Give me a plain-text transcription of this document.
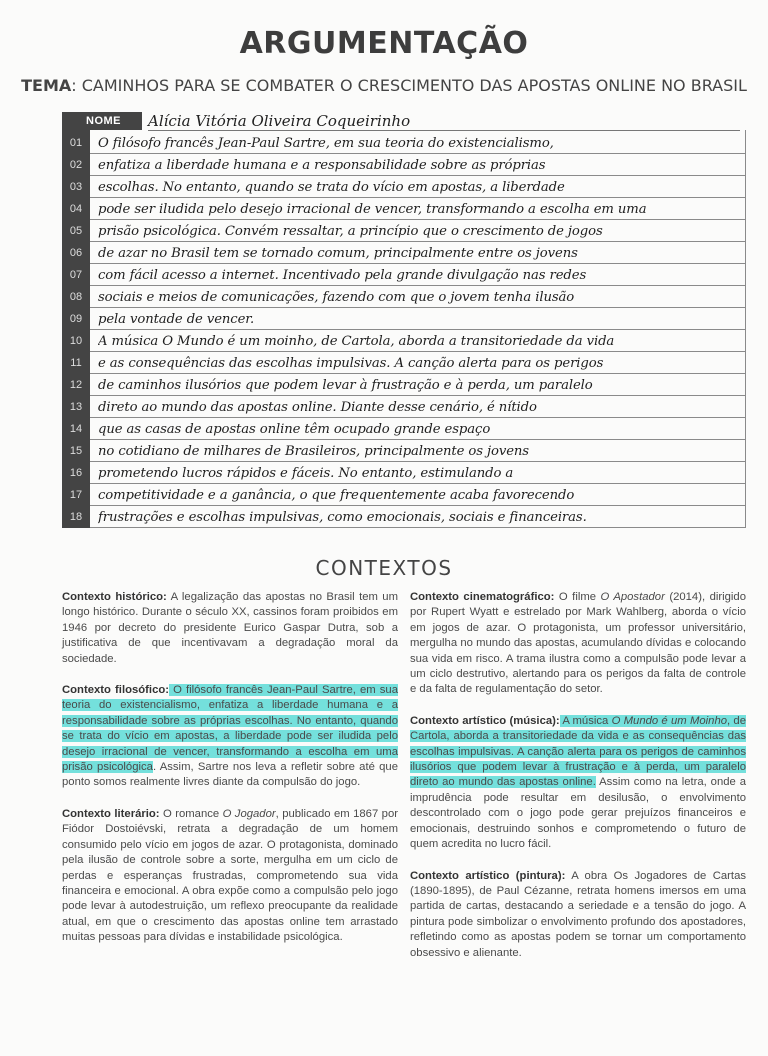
ARGUMENTAÇÃO
TEMA: CAMINHOS PARA SE COMBATER O CRESCIMENTO DAS APOSTAS ONLINE NO BRASIL
NOME	Alícia Vitória Oliveira Coqueirinho
01	O filósofo francês Jean-Paul Sartre, em sua teoria do existencialismo,
02	enfatiza a liberdade humana e a responsabilidade sobre as próprias
03	escolhas. No entanto, quando se trata do vício em apostas, a liberdade
04	pode ser iludida pelo desejo irracional de vencer, transformando a escolha em uma
05	prisão psicológica. Convém ressaltar, a princípio que o crescimento de jogos
06	de azar no Brasil tem se tornado comum, principalmente entre os jovens
07	com fácil acesso a internet. Incentivado pela grande divulgação nas redes
08	sociais e meios de comunicações, fazendo com que o jovem tenha ilusão
09	pela vontade de vencer.
10	A música O Mundo é um moinho, de Cartola, aborda a transitoriedade da vida
11	e as consequências das escolhas impulsivas. A canção alerta para os perigos
12	de caminhos ilusórios que podem levar à frustração e à perda, um paralelo
13	direto ao mundo das apostas online. Diante desse cenário, é nítido
14	que as casas de apostas online têm ocupado grande espaço
15	no cotidiano de milhares de Brasileiros, principalmente os jovens
16	prometendo lucros rápidos e fáceis. No entanto, estimulando a
17	competitividade e a ganância, o que frequentemente acaba favorecendo
18	frustrações e escolhas impulsivas, como emocionais, sociais e financeiras.
CONTEXTOS

Contexto histórico: A legalização das apostas no Brasil tem um longo histórico. Durante o século XX, cassinos foram proibidos em 1946 por decreto do presidente Eurico Gaspar Dutra, sob a justificativa de que incentivavam a degradação moral da sociedade.

Contexto filosófico: O filósofo francês Jean-Paul Sartre, em sua teoria do existencialismo, enfatiza a liberdade humana e a responsabilidade sobre as próprias escolhas. No entanto, quando se trata do vício em apostas, a liberdade pode ser iludida pelo desejo irracional de vencer, transformando a escolha em uma prisão psicológica. Assim, Sartre nos leva a refletir sobre até que ponto somos realmente livres diante da compulsão do jogo.

Contexto literário: O romance O Jogador, publicado em 1867 por Fiódor Dostoiévski, retrata a degradação de um homem consumido pelo vício em jogos de azar. O protagonista, dominado pela ilusão de controle sobre a sorte, mergulha em um ciclo de perdas e esperanças frustradas, comprometendo sua vida financeira e emocional. A obra expõe como a compulsão pelo jogo pode levar à autodestruição, um reflexo preocupante da realidade atual, em que o crescimento das apostas online tem arrastado muitas pessoas para dívidas e instabilidade psicológica.

Contexto cinematográfico: O filme O Apostador (2014), dirigido por Rupert Wyatt e estrelado por Mark Wahlberg, aborda o vício em jogos de azar. O protagonista, um professor universitário, mergulha no mundo das apostas, acumulando dívidas e colocando sua vida em risco. A trama ilustra como a compulsão pode levar a um ciclo destrutivo, alertando para os perigos da falta de controle e da falta de regulamentação do setor.

Contexto artístico (música): A música O Mundo é um Moinho, de Cartola, aborda a transitoriedade da vida e as consequências das escolhas impulsivas. A canção alerta para os perigos de caminhos ilusórios que podem levar à frustração e à perda, um paralelo direto ao mundo das apostas online. Assim como na letra, onde a imprudência pode resultar em desilusão, o envolvimento descontrolado com o jogo pode gerar prejuízos financeiros e emocionais, destruindo sonhos e comprometendo o futuro de quem acredita no lucro fácil.

Contexto artístico (pintura): A obra Os Jogadores de Cartas (1890-1895), de Paul Cézanne, retrata homens imersos em uma partida de cartas, destacando a seriedade e a tensão do jogo. A pintura pode simbolizar o envolvimento profundo dos apostadores, refletindo como as apostas podem se tornar um comportamento obsessivo e alienante.
